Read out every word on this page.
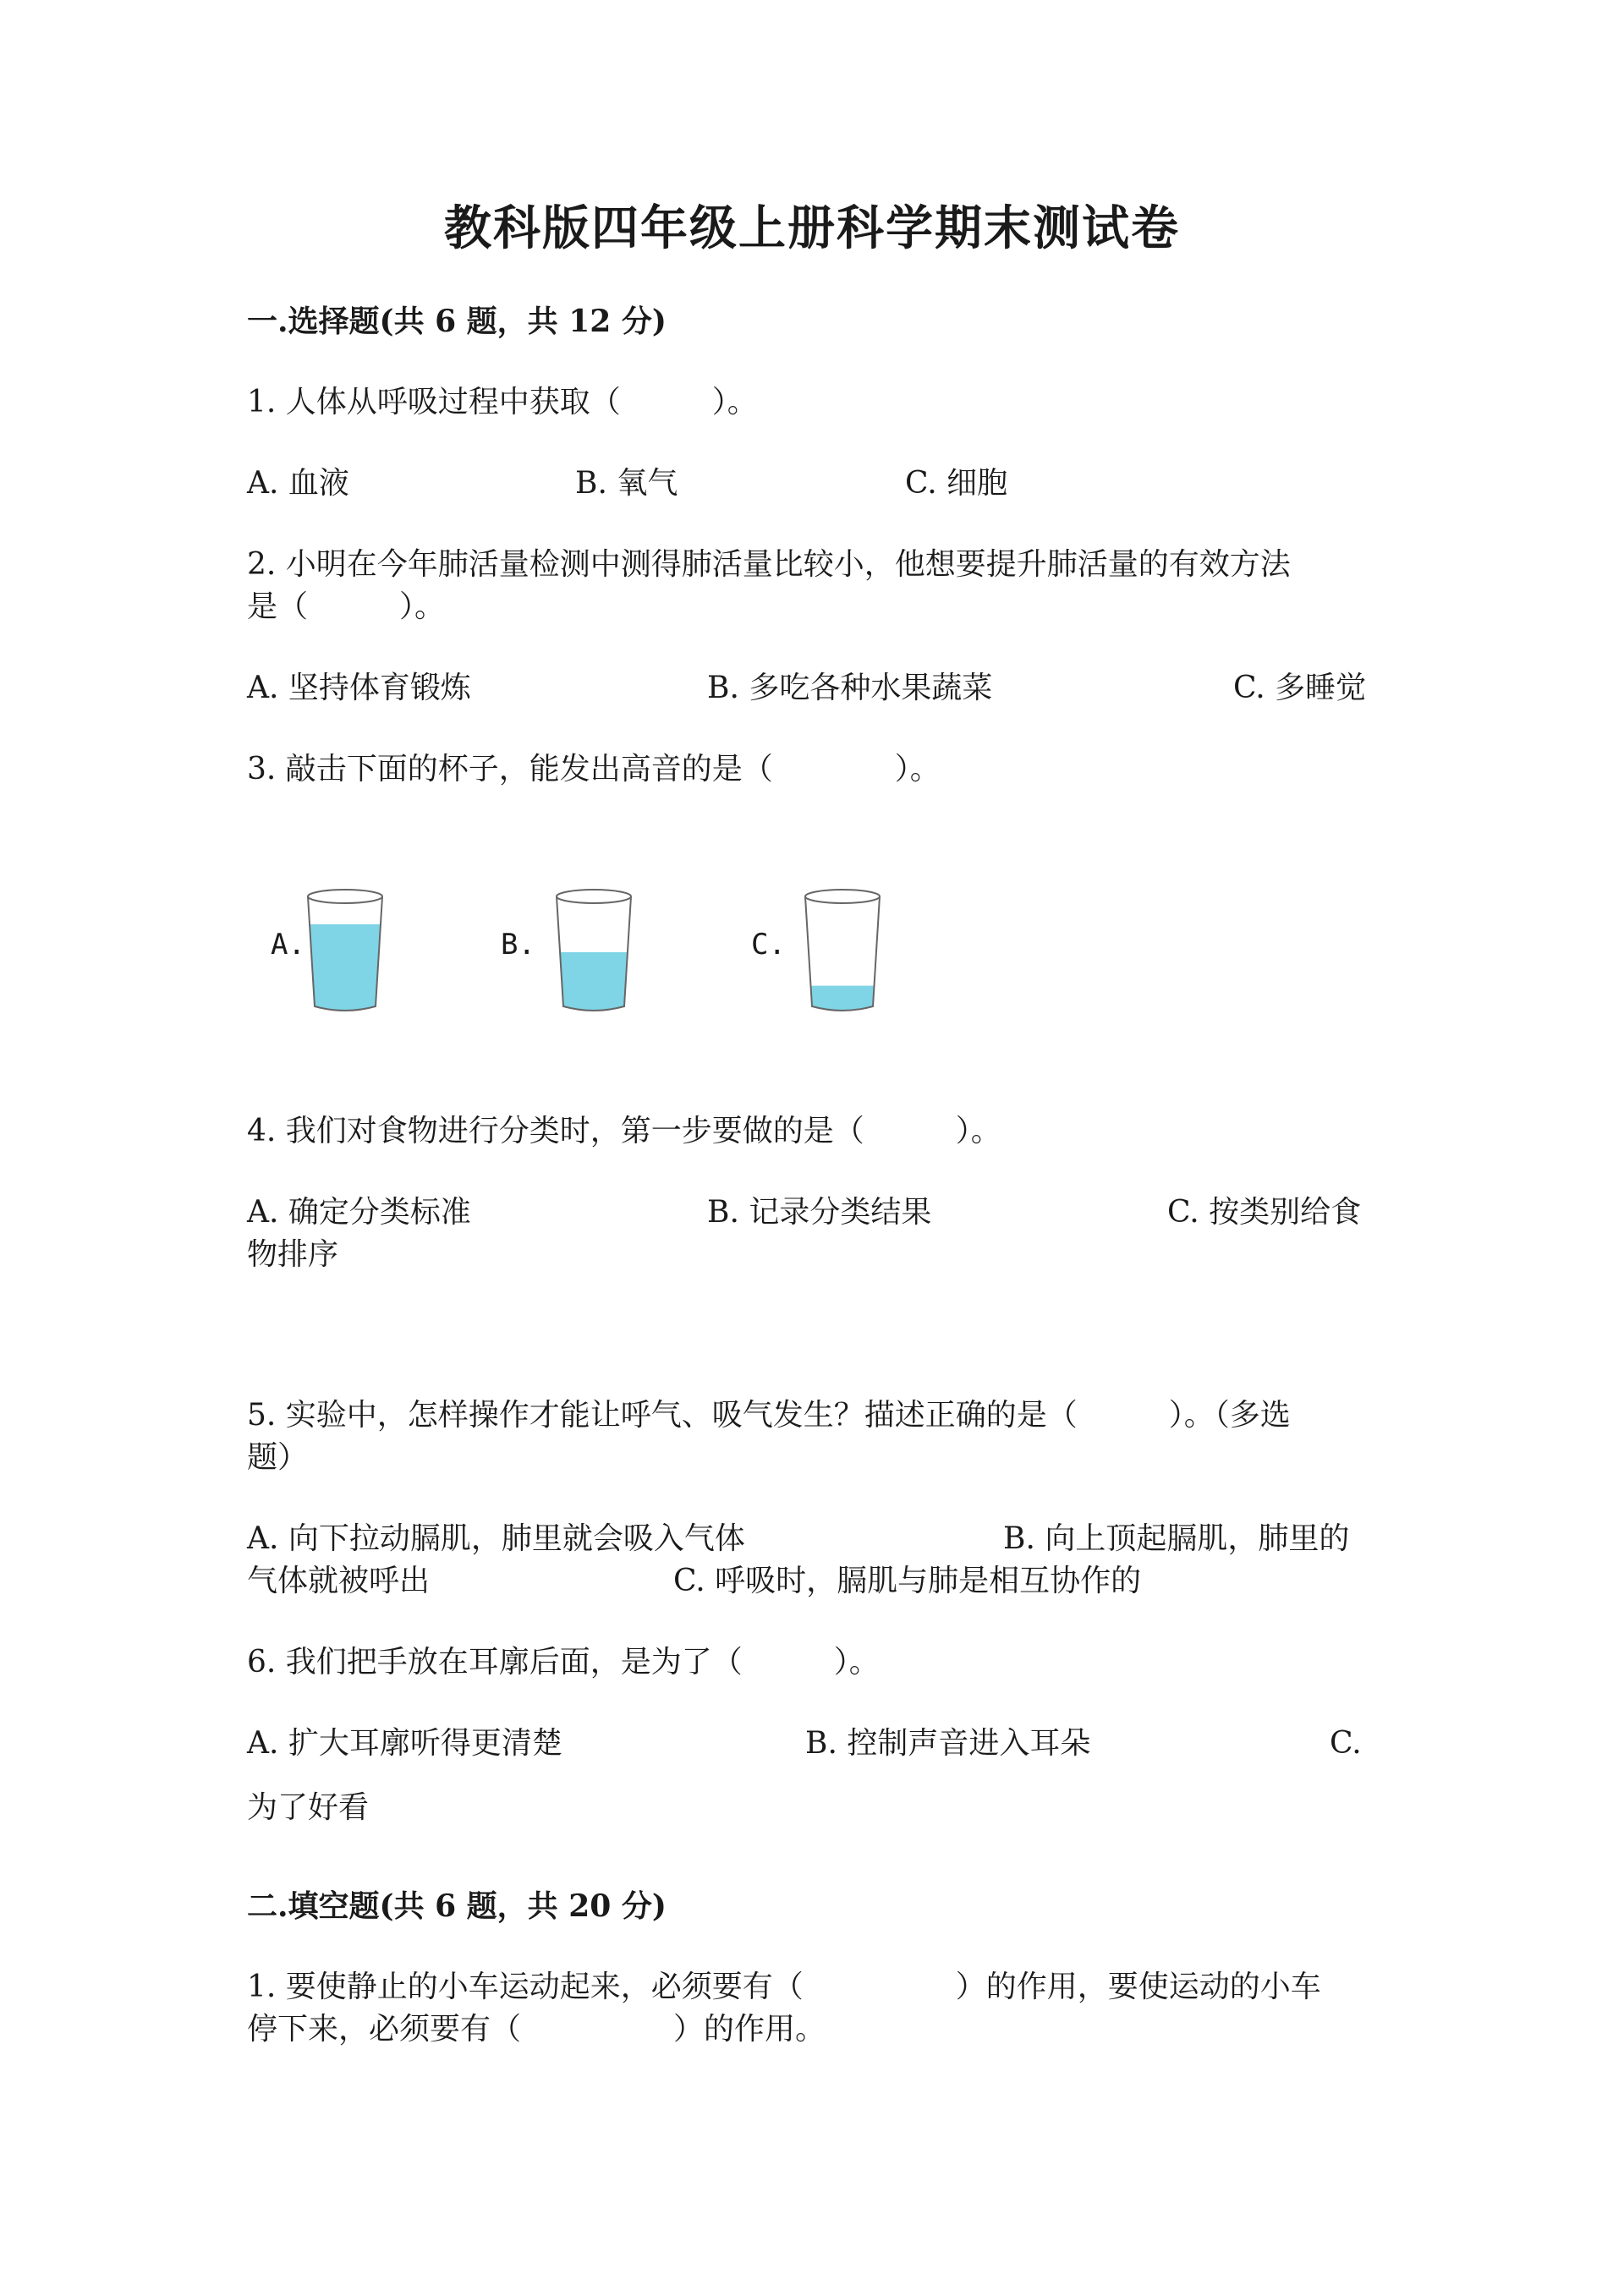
教科版四年级上册科学期末测试卷
一.选择题(共 6 题，共 12 分)
1. 人体从呼吸过程中获取（　　　）。
A. 血液	B. 氧气	C. 细胞
2. 小明在今年肺活量检测中测得肺活量比较小，他想要提升肺活量的有效方法
是（　　　）。
A. 坚持体育锻炼	B. 多吃各种水果蔬菜	C. 多睡觉
3. 敲击下面的杯子，能发出高音的是（　　　　）。
A.	B.	C.
4. 我们对食物进行分类时，第一步要做的是（　　　）。
A. 确定分类标准	B. 记录分类结果	C. 按类别给食
物排序
5. 实验中，怎样操作才能让呼气、吸气发生？描述正确的是（　　　）。（多选
题）
A. 向下拉动膈肌，肺里就会吸入气体	B. 向上顶起膈肌，肺里的
气体就被呼出	C. 呼吸时，膈肌与肺是相互协作的
6. 我们把手放在耳廓后面，是为了（　　　）。
A. 扩大耳廓听得更清楚	B. 控制声音进入耳朵	C.
为了好看
二.填空题(共 6 题，共 20 分)
1. 要使静止的小车运动起来，必须要有（　　　　　）的作用，要使运动的小车
停下来，必须要有（　　　　　）的作用。
